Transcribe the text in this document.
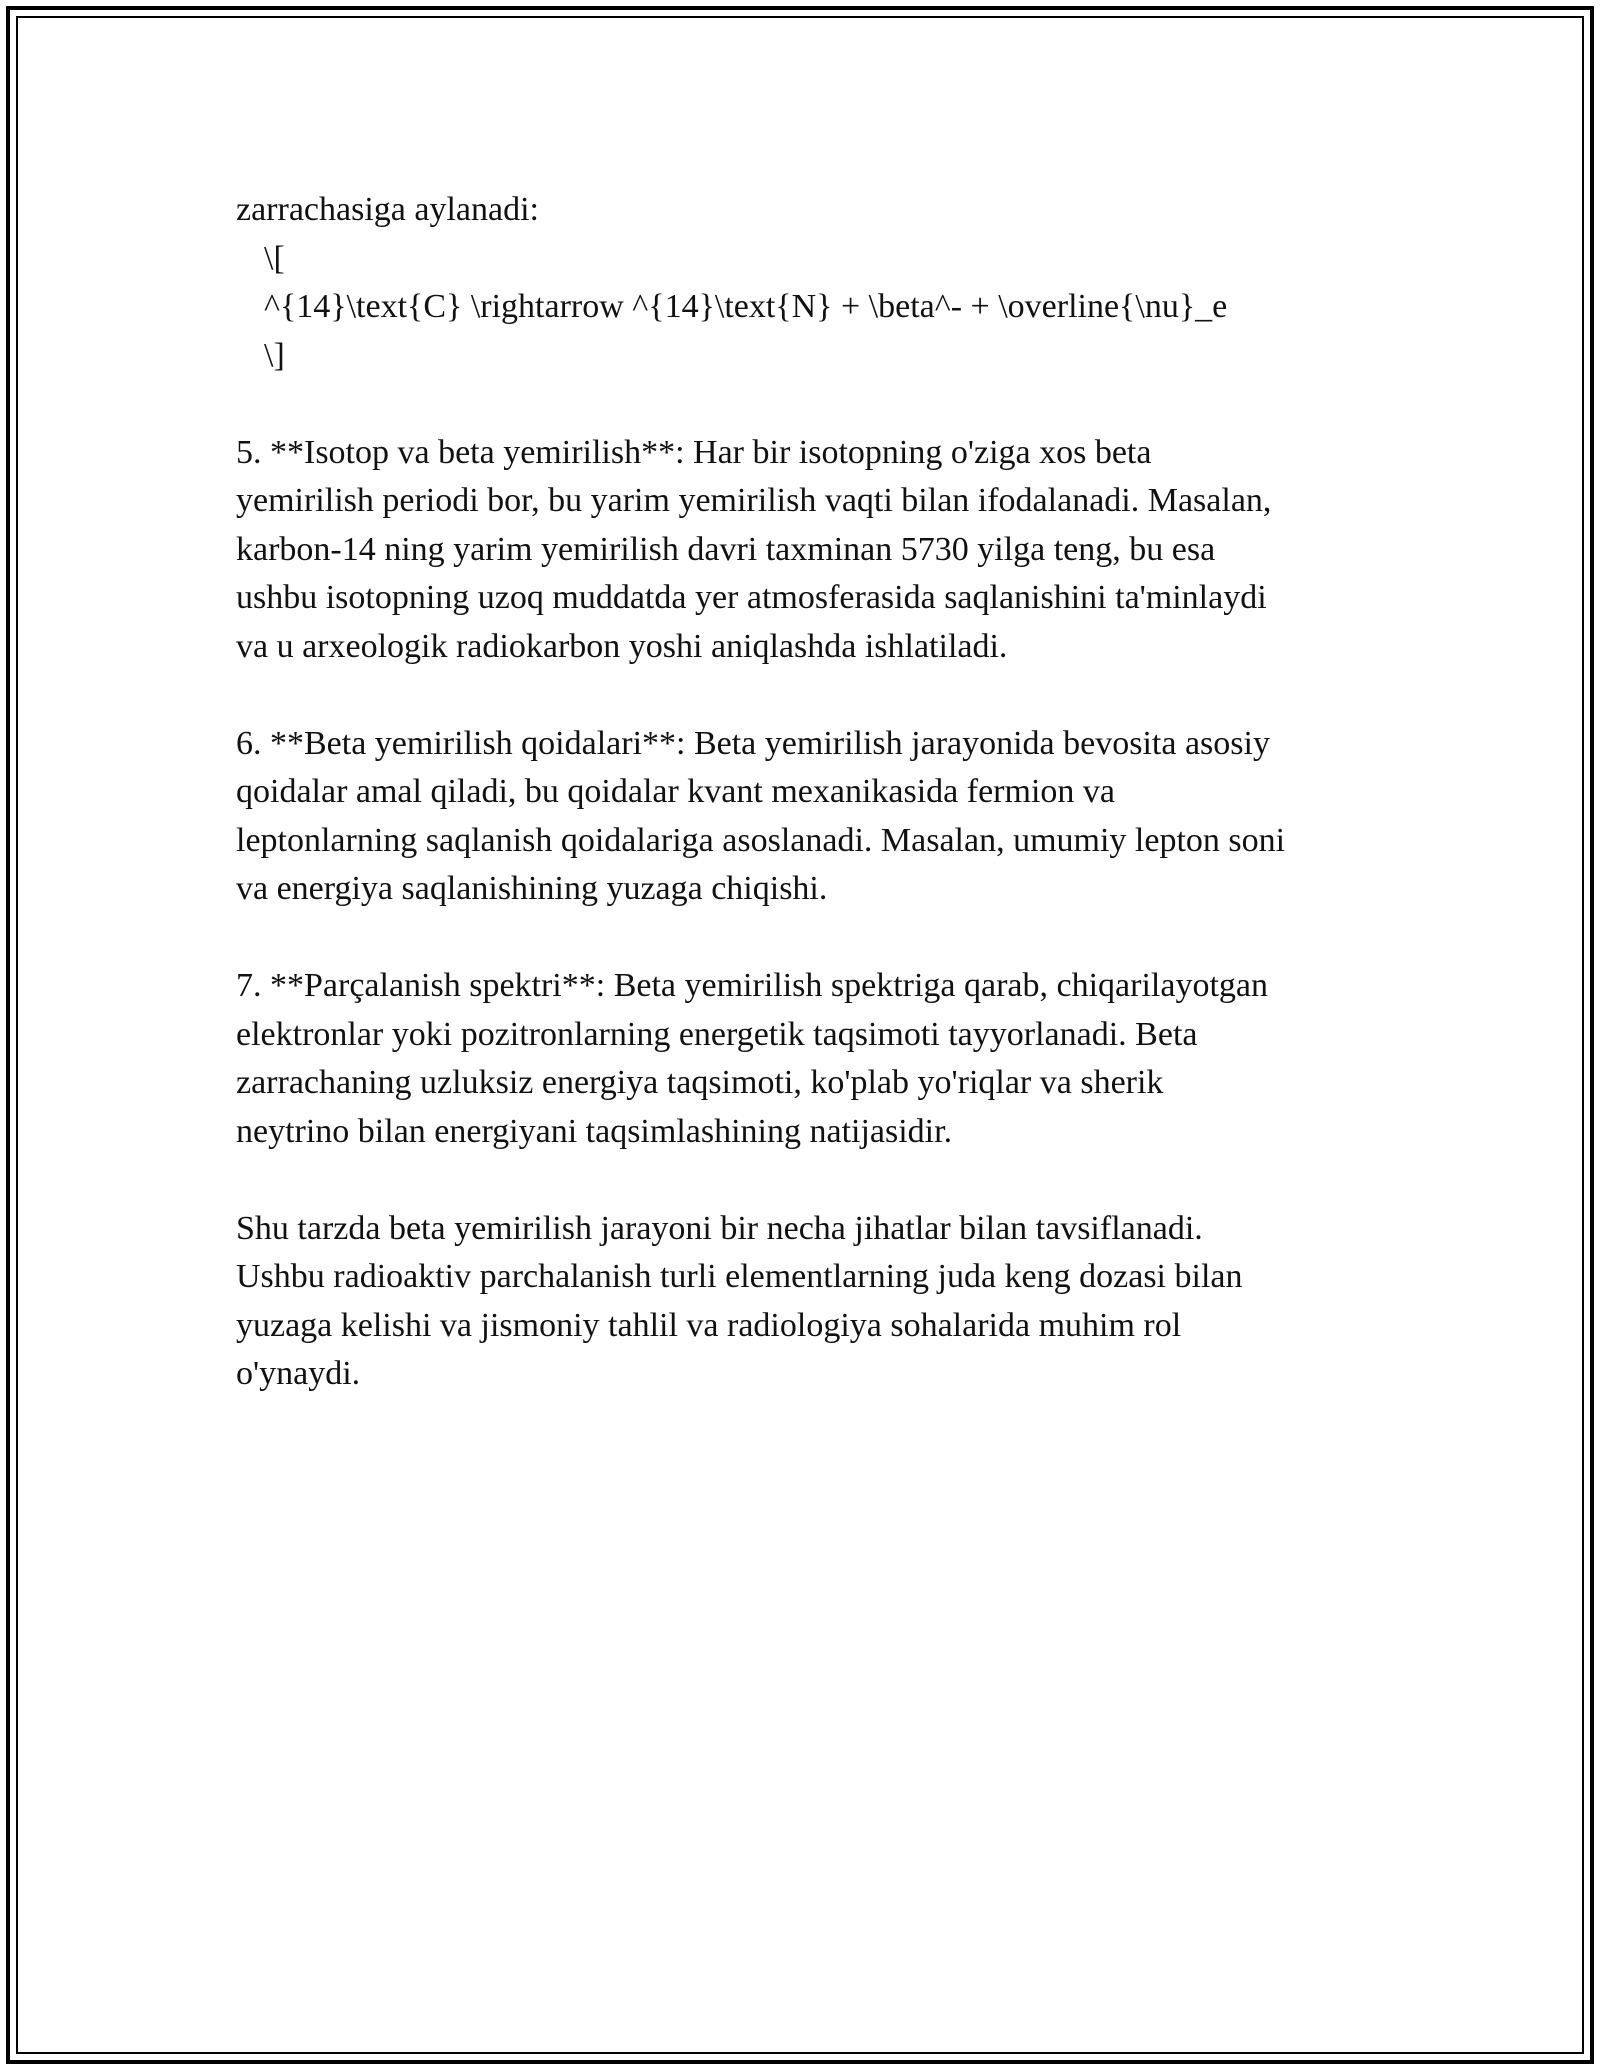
zarrachasiga aylanadi:
\[
^{14}\text{C} \rightarrow ^{14}\text{N} + \beta^- + \overline{\nu}_e
\]
5. **Isotop va beta yemirilish**: Har bir isotopning o'ziga xos beta
yemirilish periodi bor, bu yarim yemirilish vaqti bilan ifodalanadi. Masalan,
karbon-14 ning yarim yemirilish davri taxminan 5730 yilga teng, bu esa
ushbu isotopning uzoq muddatda yer atmosferasida saqlanishini ta'minlaydi
va u arxeologik radiokarbon yoshi aniqlashda ishlatiladi.
6. **Beta yemirilish qoidalari**: Beta yemirilish jarayonida bevosita asosiy
qoidalar amal qiladi, bu qoidalar kvant mexanikasida fermion va
leptonlarning saqlanish qoidalariga asoslanadi. Masalan, umumiy lepton soni
va energiya saqlanishining yuzaga chiqishi.
7. **Parçalanish spektri**: Beta yemirilish spektriga qarab, chiqarilayotgan
elektronlar yoki pozitronlarning energetik taqsimoti tayyorlanadi. Beta
zarrachaning uzluksiz energiya taqsimoti, ko'plab yo'riqlar va sherik
neytrino bilan energiyani taqsimlashining natijasidir.
Shu tarzda beta yemirilish jarayoni bir necha jihatlar bilan tavsiflanadi.
Ushbu radioaktiv parchalanish turli elementlarning juda keng dozasi bilan
yuzaga kelishi va jismoniy tahlil va radiologiya sohalarida muhim rol
o'ynaydi.
